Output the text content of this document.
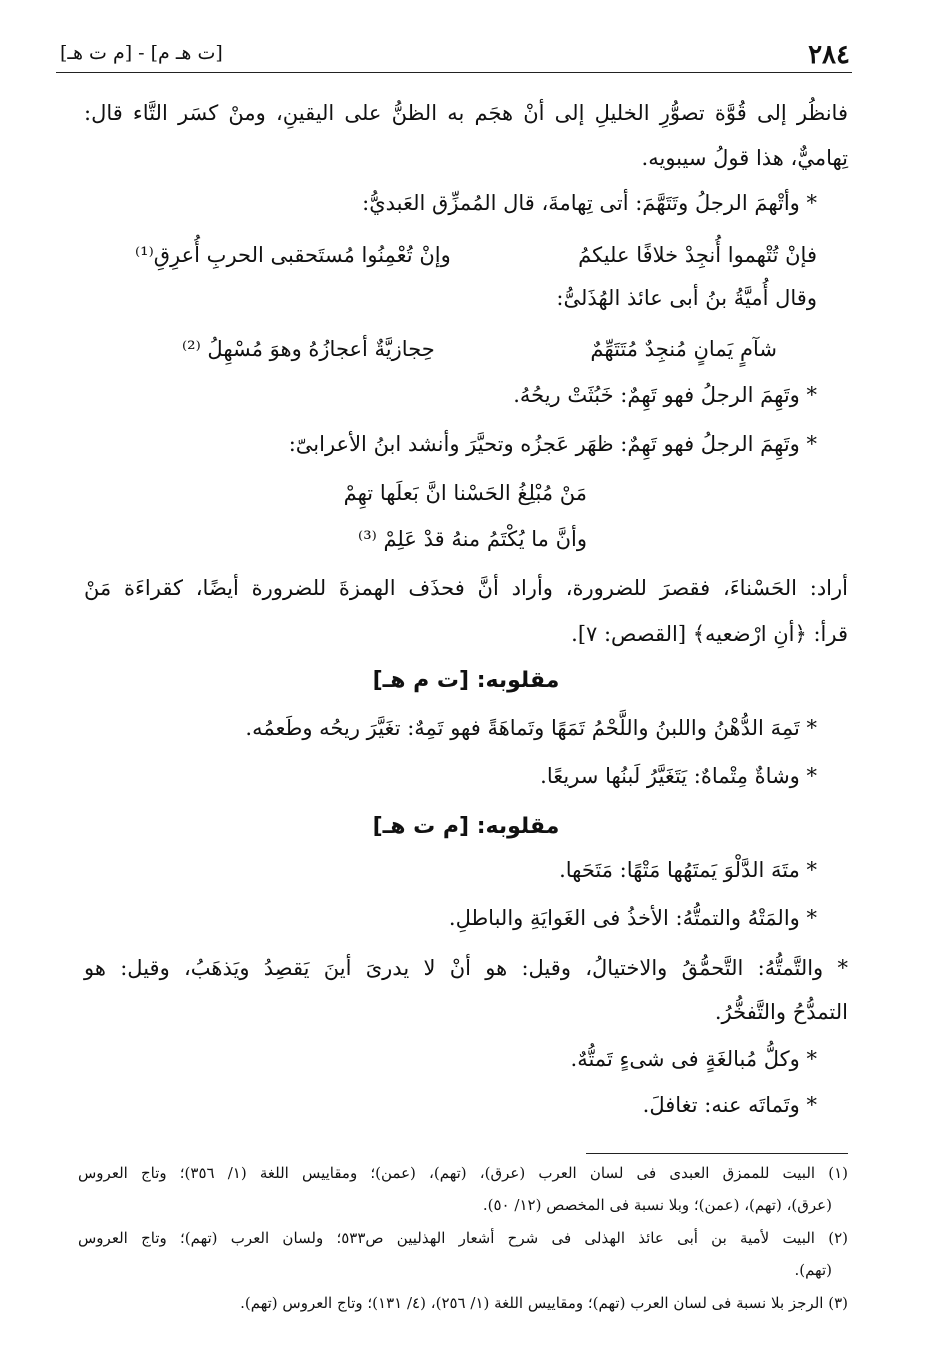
[ت هـ م] - [م ت هـ]	٢٨٤
فانظُر إلى قُوَّة تصوُّرِ الخليلِ إلى أنْ هجَم به الظنُّ على اليقينِ، ومنْ كسَر التَّاء قال:
تِهاميٌّ، هذا قولُ سيبويه.
* وأتْهمَ الرجلُ وتَتَهَّمَ: أتى تِهامةَ، قال المُمزِّق العَبديُّ:
فإنْ تُتْهموا أُنجِدْ خلافًا عليكمُ
وإنْ تُعْمِنُوا مُستَحقبى الحربِ أُعرِقِ⁽¹⁾
وقال أُميَّةُ بنُ أبى عائذ الهُذَلىُّ:
شآمٍ يَمانٍ مُنجِدٌ مُتَتَهِّمٌ
حِجازيَّةٌ أعجازُهُ وهوَ مُسْهِلُ ⁽²⁾
* وتَهِمَ الرجلُ فهو تَهِمٌ: خَبُثَتْ ريحُهُ.
* وتَهِمَ الرجلُ فهو تَهِمٌ: ظهَر عَجزُه وتحيَّرَ وأنشد ابنُ الأعرابىّ:
مَنْ مُبْلِغُ الحَسْنا انَّ بَعلَها تهِمْ
وأنَّ ما يُكْتَمُ منهُ قدْ عَلِمْ ⁽³⁾
أراد: الحَسْناءَ، فقصرَ للضرورة، وأراد أنَّ فحذَف الهمزةَ للضرورة أيضًا، كقراءَة مَنْ
قرأ: ﴿أنِ ارْضعيه﴾ [القصص: ٧].
مقلوبه: [ت م هـ]
* تَمِهَ الدُّهْنُ واللبنُ واللَّحْمُ تَمَهًا وتَماهَةً فهو تَمِهٌ: تغَيَّرَ ريحُه وطَعمُه.
* وشاةٌ مِتْماهٌ: يَتَغَيَّرُ لَبنُها سريعًا.
مقلوبه: [م ت هـ]
* متَهَ الدَّلْوَ يَمتَهُها مَتْهًا: مَتَحَها.
* والمَتْهُ والتمتُّهُ: الأخذُ فى الغَوايَةِ والباطلِ.
* والتَّمتُّهُ: التَّحمُّقُ والاختيالُ، وقيل: هو أنْ لا يدرىَ أينَ يَقصِدُ ويَذهَبُ، وقيل: هو
التمدُّحُ والتَّفخُّرُ.
* وكلُّ مُبالغَةٍ فى شىءٍ تَمتُّهٌ.
* وتَماتَه عنه: تغافلَ.
(١) البيت للممزق العبدى فى لسان العرب (عرق)، (تهم)، (عمن)؛ ومقاييس اللغة (١/ ٣٥٦)؛ وتاج العروس
(عرق)، (تهم)، (عمن)؛ وبلا نسبة فى المخصص (١٢/ ٥٠).
(٢) البيت لأمية بن أبى عائذ الهذلى فى شرح أشعار الهذليين ص٥٣٣؛ ولسان العرب (تهم)؛ وتاج العروس
(تهم).
(٣) الرجز بلا نسبة فى لسان العرب (تهم)؛ ومقاييس اللغة (١/ ٢٥٦)، (٤/ ١٣١)؛ وتاج العروس (تهم).
